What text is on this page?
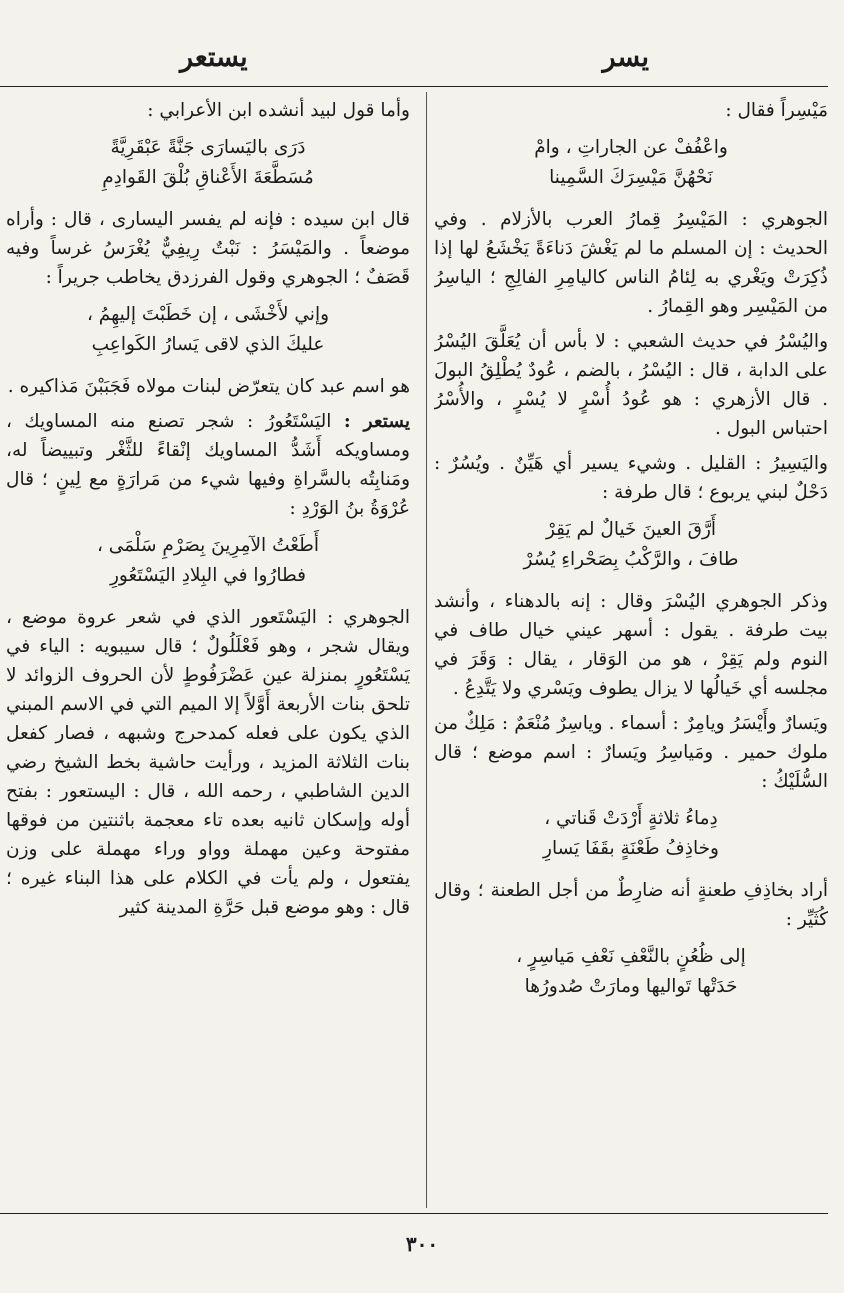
يسر
يستعر

مَيْسِراً فقال :

واعْفُفْ عن الجاراتِ ، وامْ
نَحْهُنَّ مَيْسِرَكَ السَّمِينا

الجوهري : المَيْسِرُ قِمارُ العرب بالأزلام . وفي الحديث : إن المسلم ما لم يَغْشَ دَناءَةً يَخْشَعُ لها إذا ذُكِرَتْ ويَغْري به لِئامُ الناس كاليامِرِ الفالِجِ ؛ الياسِرُ من المَيْسِر وهو القِمارُ .

واليُسْرُ في حديث الشعبي : لا بأس أن يُعَلَّقَ اليُسْرُ على الدابة ، قال : اليُسْرُ ، بالضم ، عُودٌ يُطْلِقُ البولَ . قال الأزهري : هو عُودُ أُسْرٍ لا يُسْرٍ ، والأُسْرُ احتباس البول .

واليَسِيرُ : القليل . وشيء يسير أي هَيِّنٌ . ويُسُرٌ : دَحْلٌ لبني يربوع ؛ قال طرفة :

أَرَّقَ العينَ خَيالٌ لم يَقِرْ
طافَ ، والرَّكْبُ بِصَحْراءِ يُسُرْ

وذكر الجوهري اليُسْرَ وقال : إنه بالدهناء ، وأنشد بيت طرفة . يقول : أسهر عيني خيال طاف في النوم ولم يَقِرْ ، هو من الوَقار ، يقال : وَقَرَ في مجلسه أي خَيالُها لا يزال يطوف ويَسْري ولا يَتَّدِعُ .

ويَسارٌ وأَيْسَرُ ويامِرٌ : أسماء . وياسِرٌ مُنْعَمٌ : مَلِكٌ من ملوك حمير . ومَياسِرُ ويَسارٌ : اسم موضع ؛ قال السُّلَيْكُ :

دِماءُ ثلاثةٍ أَرْدَتْ قَناتي ،
وخاذِفُ طَعْنَةٍ بقَفَا يَسارِ

أراد بخاذِفِ طعنةٍ أنه ضارِطٌ من أجل الطعنة ؛ وقال كُثَيِّر :

إلى ظُعُنٍ بالنَّعْفِ نَعْفِ مَياسِرٍ ،
حَدَتْها تَواليها ومارَتْ صُدورُها

وأما قول لبيد أنشده ابن الأعرابي :

دَرَى باليَسارَى جَنَّةً عَبْقَرِيَّةً
مُسَطَّعَةَ الأَعْناقِ بُلْقَ القَوادِمِ

قال ابن سيده : فإنه لم يفسر اليسارى ، قال : وأراه موضعاً . والمَيْسَرُ : نَبْتٌ رِيفِيٌّ يُغْرَسُ غرساً وفيه قَصَفٌ ؛ الجوهري وقول الفرزدق يخاطب جريراً :

وإني لأَخْشَى ، إن خَطَبْتَ إليهِمُ ،
عليكَ الذي لاقى يَسارُ الكَواعِبِ

هو اسم عبد كان يتعرّض لبنات مولاه فَجَبَبْنَ مَذاكيره .

يستعر : اليَسْتَعُورُ : شجر تصنع منه المساويك ، ومساويكه أَشَدُّ المساويك إنْقاءً للثَّغْر وتبييضاً له، ومَنابِتُه بالسَّراةِ وفيها شيء من مَرارَةٍ مع لِينٍ ؛ قال عُرْوَةُ بنُ الوَرْدِ :

أَطَعْتُ الآمِرِينَ بِصَرْمِ سَلْمَى ،
فطارُوا في البِلادِ اليَسْتَعُورِ

الجوهري : اليَسْتَعور الذي في شعر عروة موضع ، ويقال شجر ، وهو فَعْلَلُولٌ ؛ قال سيبويه : الياء في يَسْتَعُورٍ بمنزلة عين عَضْرَفُوطٍ لأن الحروف الزوائد لا تلحق بنات الأربعة أَوَّلاً إلا الميم التي في الاسم المبني الذي يكون على فعله كمدحرج وشبهه ، فصار كفعل بنات الثلاثة المزيد ، ورأيت حاشية بخط الشيخ رضي الدين الشاطبي ، رحمه الله ، قال : اليستعور : بفتح أوله وإسكان ثانيه بعده تاء معجمة باثنتين من فوقها مفتوحة وعين مهملة وواو وراء مهملة على وزن يفتعول ، ولم يأت في الكلام على هذا البناء غيره ؛ قال : وهو موضع قبل حَرَّةِ المدينة كثير

٣٠٠
